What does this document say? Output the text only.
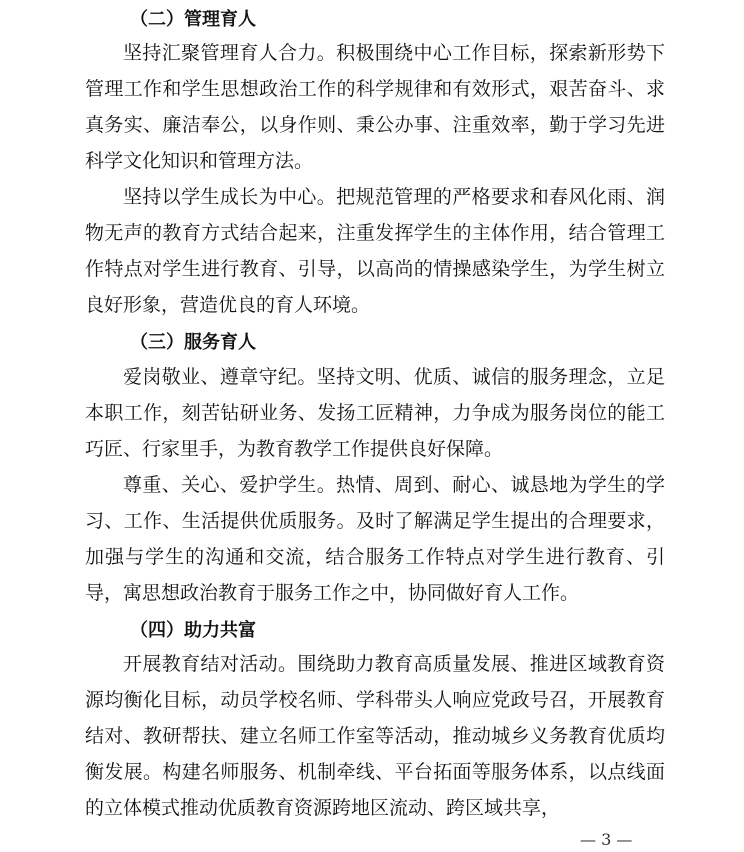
（二）管理育人

坚持汇聚管理育人合力。积极围绕中心工作目标，探索新形势下管理工作和学生思想政治工作的科学规律和有效形式，艰苦奋斗、求真务实、廉洁奉公，以身作则、秉公办事、注重效率，勤于学习先进科学文化知识和管理方法。

坚持以学生成长为中心。把规范管理的严格要求和春风化雨、润物无声的教育方式结合起来，注重发挥学生的主体作用，结合管理工作特点对学生进行教育、引导，以高尚的情操感染学生，为学生树立良好形象，营造优良的育人环境。

（三）服务育人

爱岗敬业、遵章守纪。坚持文明、优质、诚信的服务理念，立足本职工作，刻苦钻研业务、发扬工匠精神，力争成为服务岗位的能工巧匠、行家里手，为教育教学工作提供良好保障。

尊重、关心、爱护学生。热情、周到、耐心、诚恳地为学生的学习、工作、生活提供优质服务。及时了解满足学生提出的合理要求，加强与学生的沟通和交流，结合服务工作特点对学生进行教育、引导，寓思想政治教育于服务工作之中，协同做好育人工作。

（四）助力共富

开展教育结对活动。围绕助力教育高质量发展、推进区域教育资源均衡化目标，动员学校名师、学科带头人响应党政号召，开展教育结对、教研帮扶、建立名师工作室等活动，推动城乡义务教育优质均衡发展。构建名师服务、机制牵线、平台拓面等服务体系，以点线面的立体模式推动优质教育资源跨地区流动、跨区域共享，

— 3 —
